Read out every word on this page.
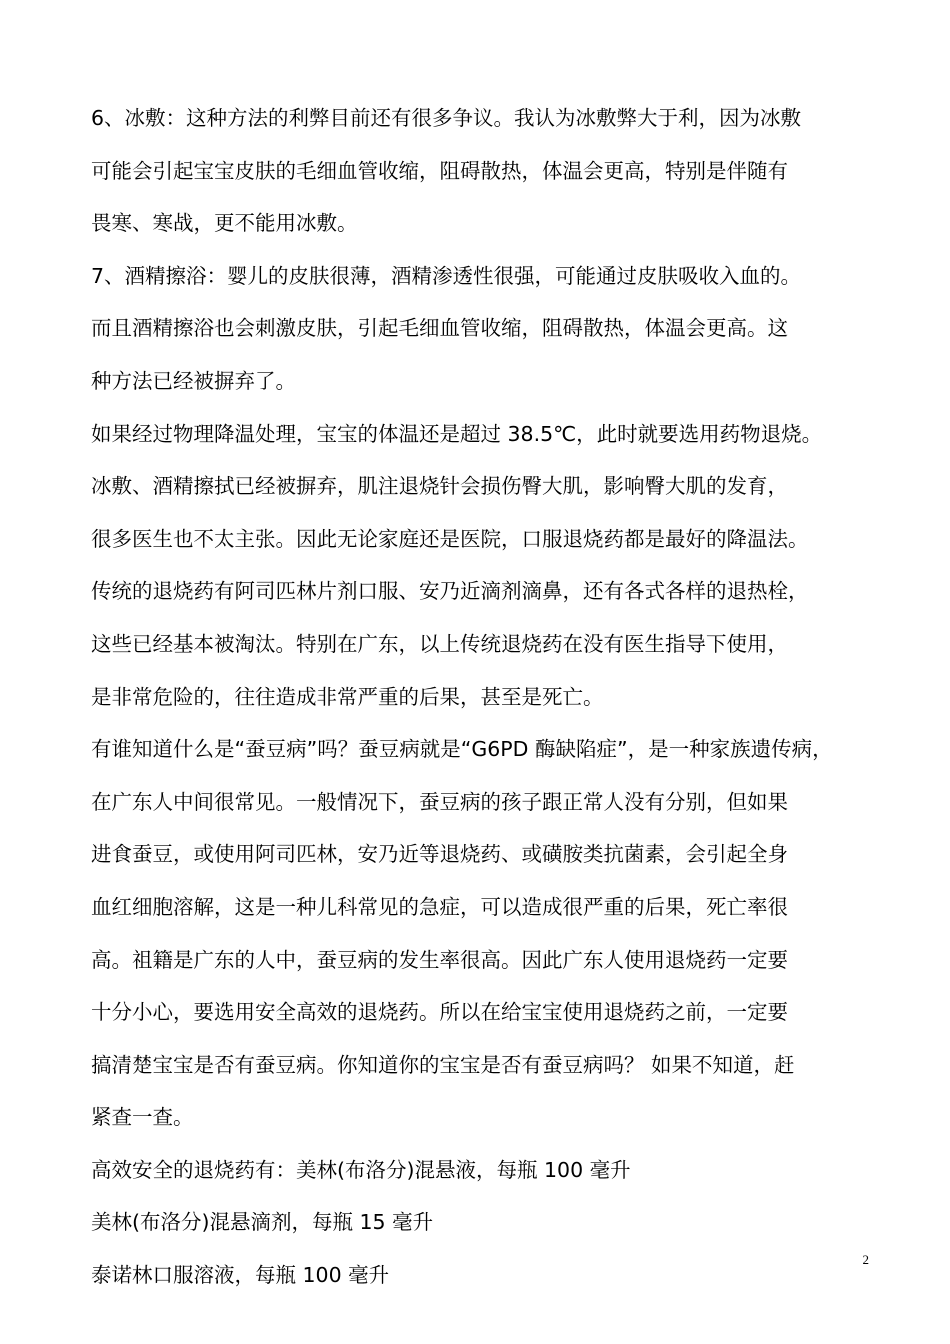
6、冰敷：这种方法的利弊目前还有很多争议。我认为冰敷弊大于利，因为冰敷
可能会引起宝宝皮肤的毛细血管收缩，阻碍散热，体温会更高，特别是伴随有
畏寒、寒战，更不能用冰敷。
7、酒精擦浴：婴儿的皮肤很薄，酒精渗透性很强，可能通过皮肤吸收入血的。
而且酒精擦浴也会刺激皮肤，引起毛细血管收缩，阻碍散热，体温会更高。这
种方法已经被摒弃了。
如果经过物理降温处理，宝宝的体温还是超过 38.5℃，此时就要选用药物退烧。
冰敷、酒精擦拭已经被摒弃，肌注退烧针会损伤臀大肌，影响臀大肌的发育，
很多医生也不太主张。因此无论家庭还是医院，口服退烧药都是最好的降温法。
传统的退烧药有阿司匹林片剂口服、安乃近滴剂滴鼻，还有各式各样的退热栓，
这些已经基本被淘汰。特别在广东，以上传统退烧药在没有医生指导下使用，
是非常危险的，往往造成非常严重的后果，甚至是死亡。
有谁知道什么是“蚕豆病”吗？蚕豆病就是“G6PD 酶缺陷症”，是一种家族遗传病，
在广东人中间很常见。一般情况下，蚕豆病的孩子跟正常人没有分别，但如果
进食蚕豆，或使用阿司匹林，安乃近等退烧药、或磺胺类抗菌素，会引起全身
血红细胞溶解，这是一种儿科常见的急症，可以造成很严重的后果，死亡率很
高。祖籍是广东的人中，蚕豆病的发生率很高。因此广东人使用退烧药一定要
十分小心，要选用安全高效的退烧药。所以在给宝宝使用退烧药之前，一定要
搞清楚宝宝是否有蚕豆病。你知道你的宝宝是否有蚕豆病吗？ 如果不知道，赶
紧查一查。
高效安全的退烧药有：美林(布洛分)混悬液，每瓶 100 毫升
美林(布洛分)混悬滴剂，每瓶 15 毫升
泰诺林口服溶液，每瓶 100 毫升
2
